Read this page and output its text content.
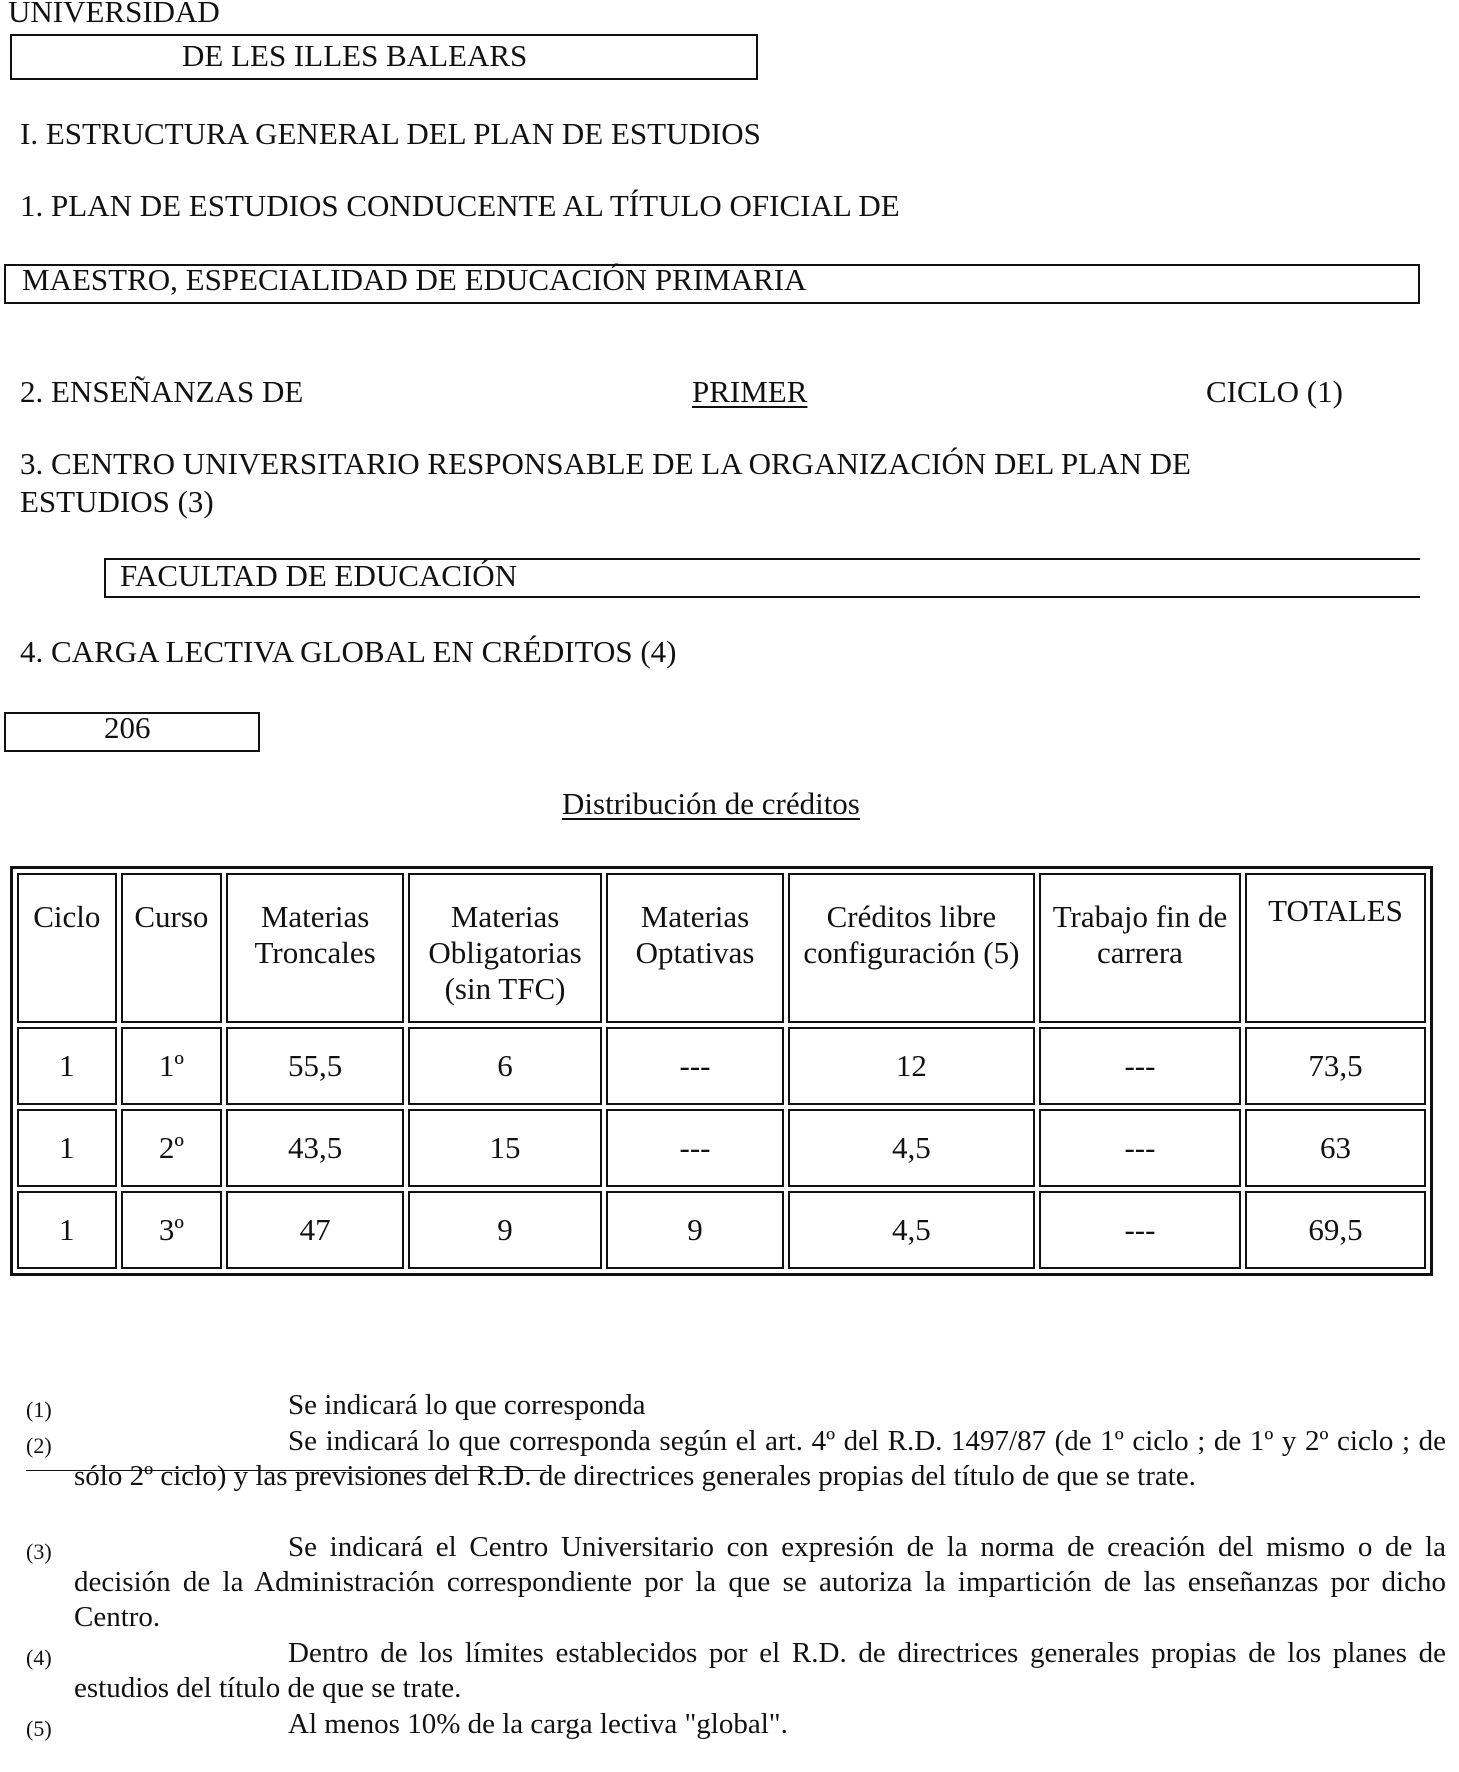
UNIVERSIDAD
DE LES ILLES BALEARS
I. ESTRUCTURA GENERAL DEL PLAN DE ESTUDIOS
1. PLAN DE ESTUDIOS CONDUCENTE AL TÍTULO OFICIAL DE
MAESTRO, ESPECIALIDAD DE EDUCACIÓN PRIMARIA
2. ENSEÑANZAS DE	PRIMER	CICLO (1)
3. CENTRO UNIVERSITARIO RESPONSABLE DE LA ORGANIZACIÓN DEL PLAN DE
ESTUDIOS (3)
FACULTAD DE EDUCACIÓN
4. CARGA LECTIVA GLOBAL EN CRÉDITOS (4)
206
Distribución de créditos
Ciclo	Curso	Materias Troncales	Materias Obligatorias (sin TFC)	Materias Optativas	Créditos libre configuración (5)	Trabajo fin de carrera	TOTALES
1	1º	55,5	6	---	12	---	73,5
1	2º	43,5	15	---	4,5	---	63
1	3º	47	9	9	4,5	---	69,5
(1)	Se indicará lo que corresponda
(2)	Se indicará lo que corresponda según el art. 4º del R.D. 1497/87 (de 1º ciclo ; de 1º y 2º ciclo ; de sólo 2º ciclo) y las previsiones del R.D. de directrices generales propias del título de que se trate.
(3)	Se indicará el Centro Universitario con expresión de la norma de creación del mismo o de la decisión de la Administración correspondiente por la que se autoriza la impartición de las enseñanzas por dicho Centro.
(4)	Dentro de los límites establecidos por el R.D. de directrices generales propias de los planes de estudios del título de que se trate.
(5)	Al menos 10% de la carga lectiva "global".
